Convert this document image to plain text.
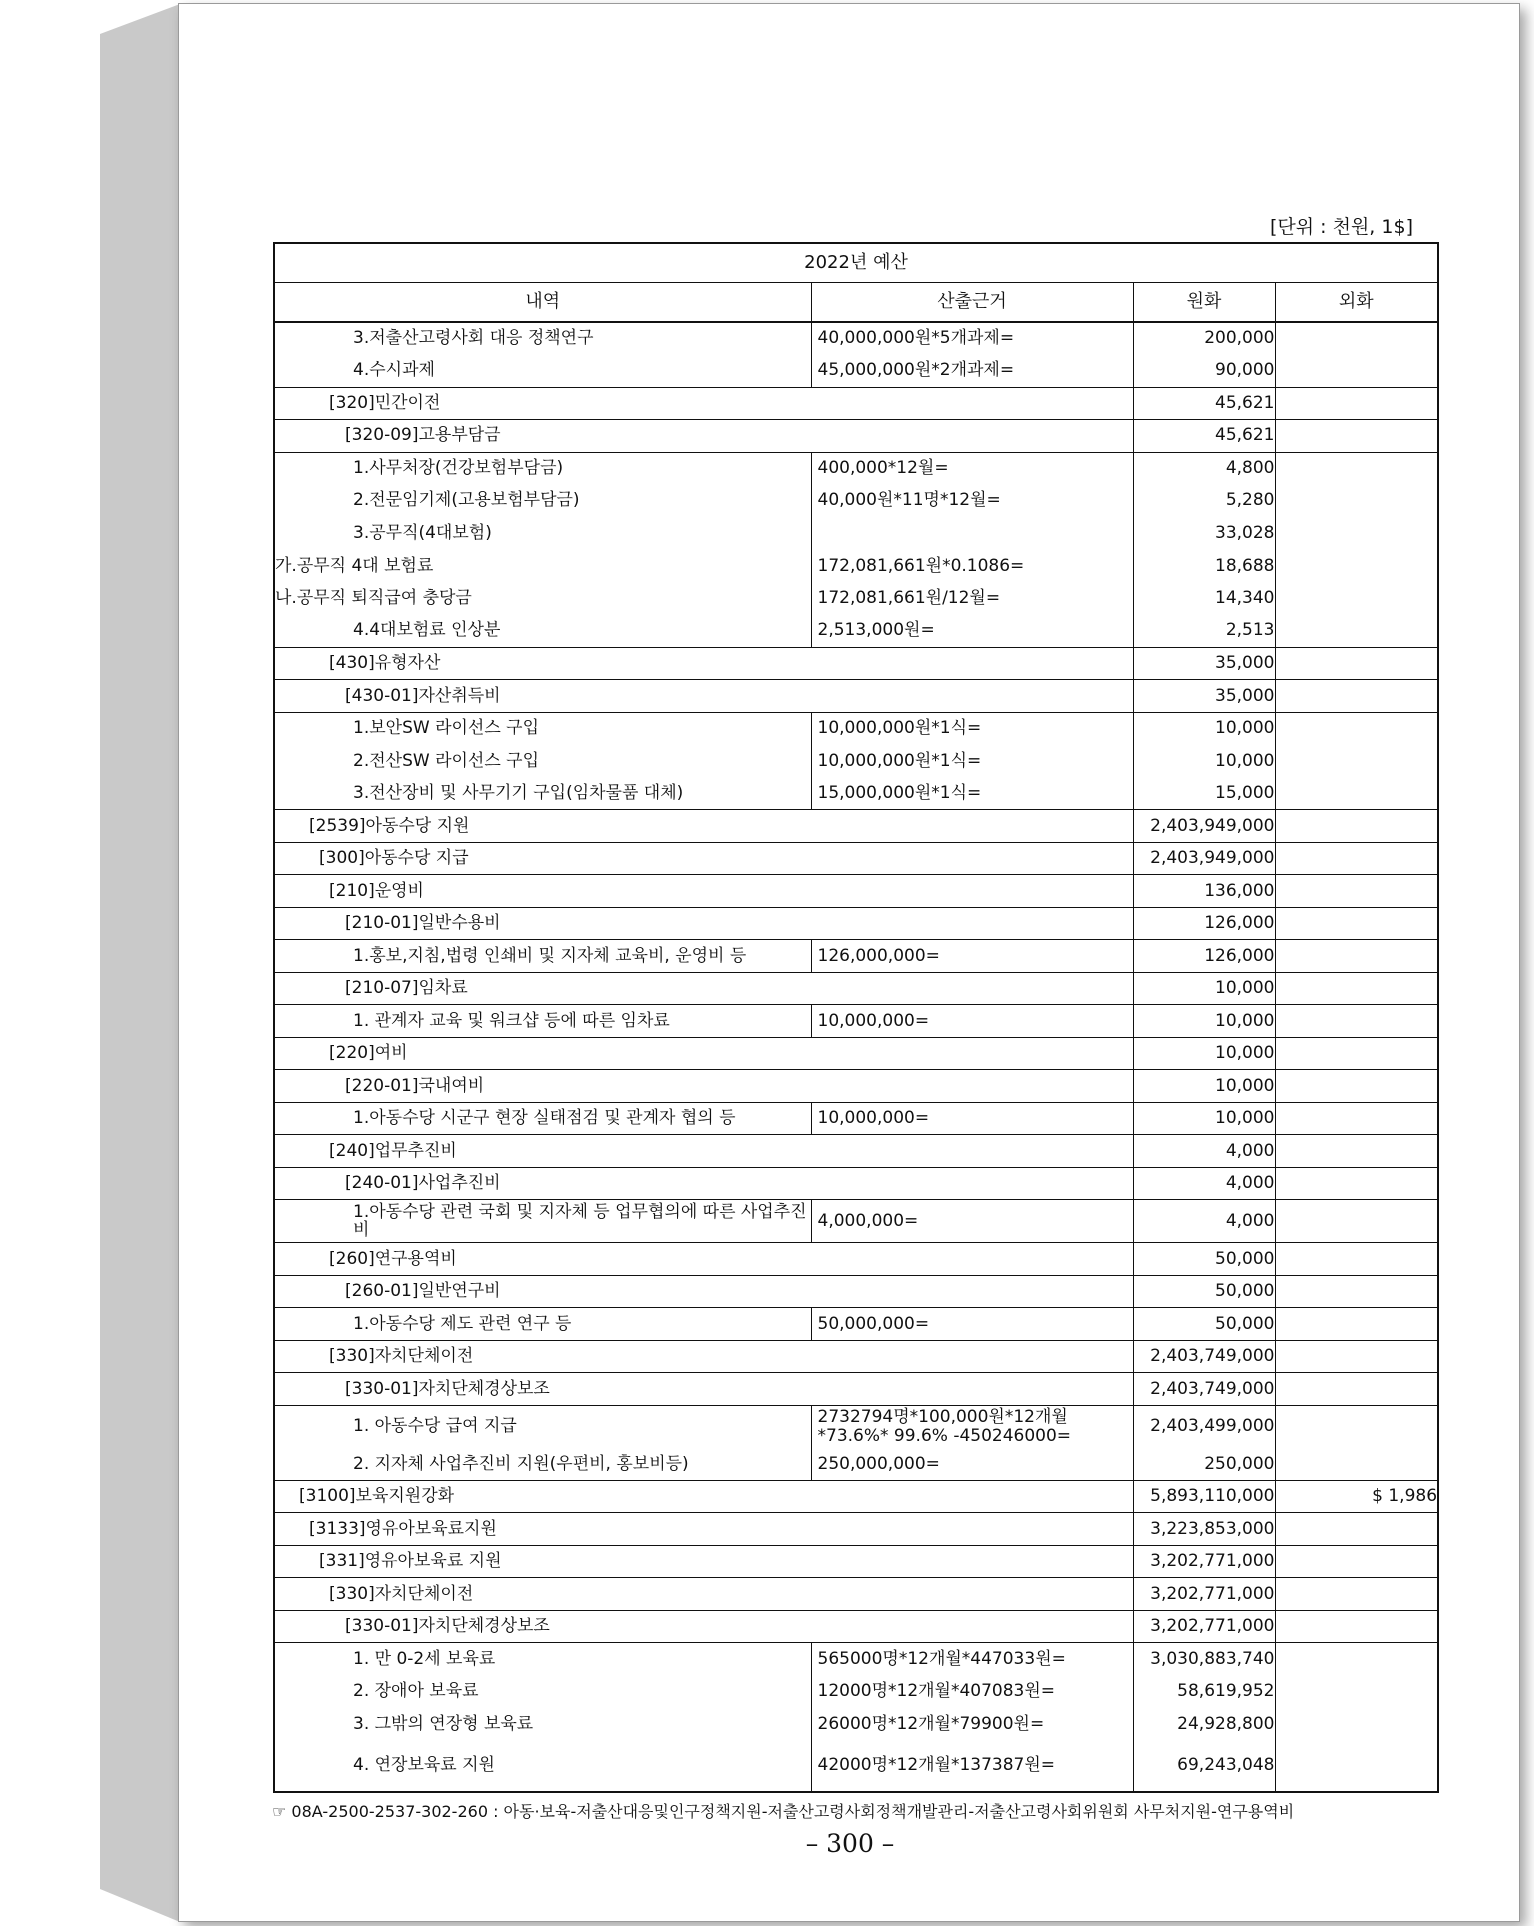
[단위 : 천원, 1$]
2022년 예산			
내역	산출근거	원화	외화
3.저출산고령사회 대응 정책연구	40,000,000원*5개과제=	200,000	
4.수시과제	45,000,000원*2개과제=	90,000	
[320]민간이전		45,621	
[320-09]고용부담금		45,621	
1.사무처장(건강보험부담금)	400,000*12월=	4,800	
2.전문임기제(고용보험부담금)	40,000원*11명*12월=	5,280	
3.공무직(4대보험)		33,028	
가.공무직 4대 보험료	172,081,661원*0.1086=	18,688	
나.공무직 퇴직급여 충당금	172,081,661원/12월=	14,340	
4.4대보험료 인상분	2,513,000원=	2,513	
[430]유형자산		35,000	
[430-01]자산취득비		35,000	
1.보안SW 라이선스 구입	10,000,000원*1식=	10,000	
2.전산SW 라이선스 구입	10,000,000원*1식=	10,000	
3.전산장비 및 사무기기 구입(임차물품 대체)	15,000,000원*1식=	15,000	
[2539]아동수당 지원		2,403,949,000	
[300]아동수당 지급		2,403,949,000	
[210]운영비		136,000	
[210-01]일반수용비		126,000	
1.홍보,지침,법령 인쇄비 및 지자체 교육비, 운영비 등	126,000,000=	126,000	
[210-07]임차료		10,000	
1. 관계자 교육 및 워크샵 등에 따른 임차료	10,000,000=	10,000	
[220]여비		10,000	
[220-01]국내여비		10,000	
1.아동수당 시군구 현장 실태점검 및 관계자 협의 등	10,000,000=	10,000	
[240]업무추진비		4,000	
[240-01]사업추진비		4,000	
1.아동수당 관련 국회 및 지자체 등 업무협의에 따른 사업추진비	4,000,000=	4,000	
[260]연구용역비		50,000	
[260-01]일반연구비		50,000	
1.아동수당 제도 관련 연구 등	50,000,000=	50,000	
[330]자치단체이전		2,403,749,000	
[330-01]자치단체경상보조		2,403,749,000	
1. 아동수당 급여 지급	2732794명*100,000원*12개월*73.6%* 99.6% -450246000=	2,403,499,000	
2. 지자체 사업추진비 지원(우편비, 홍보비등)	250,000,000=	250,000	
[3100]보육지원강화		5,893,110,000	$ 1,986
[3133]영유아보육료지원		3,223,853,000	
[331]영유아보육료 지원		3,202,771,000	
[330]자치단체이전		3,202,771,000	
[330-01]자치단체경상보조		3,202,771,000	
1. 만 0-2세 보육료	565000명*12개월*447033원=	3,030,883,740	
2. 장애아 보육료	12000명*12개월*407083원=	58,619,952	
3. 그밖의 연장형 보육료	26000명*12개월*79900원=	24,928,800	
4. 연장보육료 지원	42000명*12개월*137387원=	69,243,048	
☞ 08A-2500-2537-302-260 : 아동·보육-저출산대응및인구정책지원-저출산고령사회정책개발관리-저출산고령사회위원회 사무처지원-연구용역비
– 300 –
